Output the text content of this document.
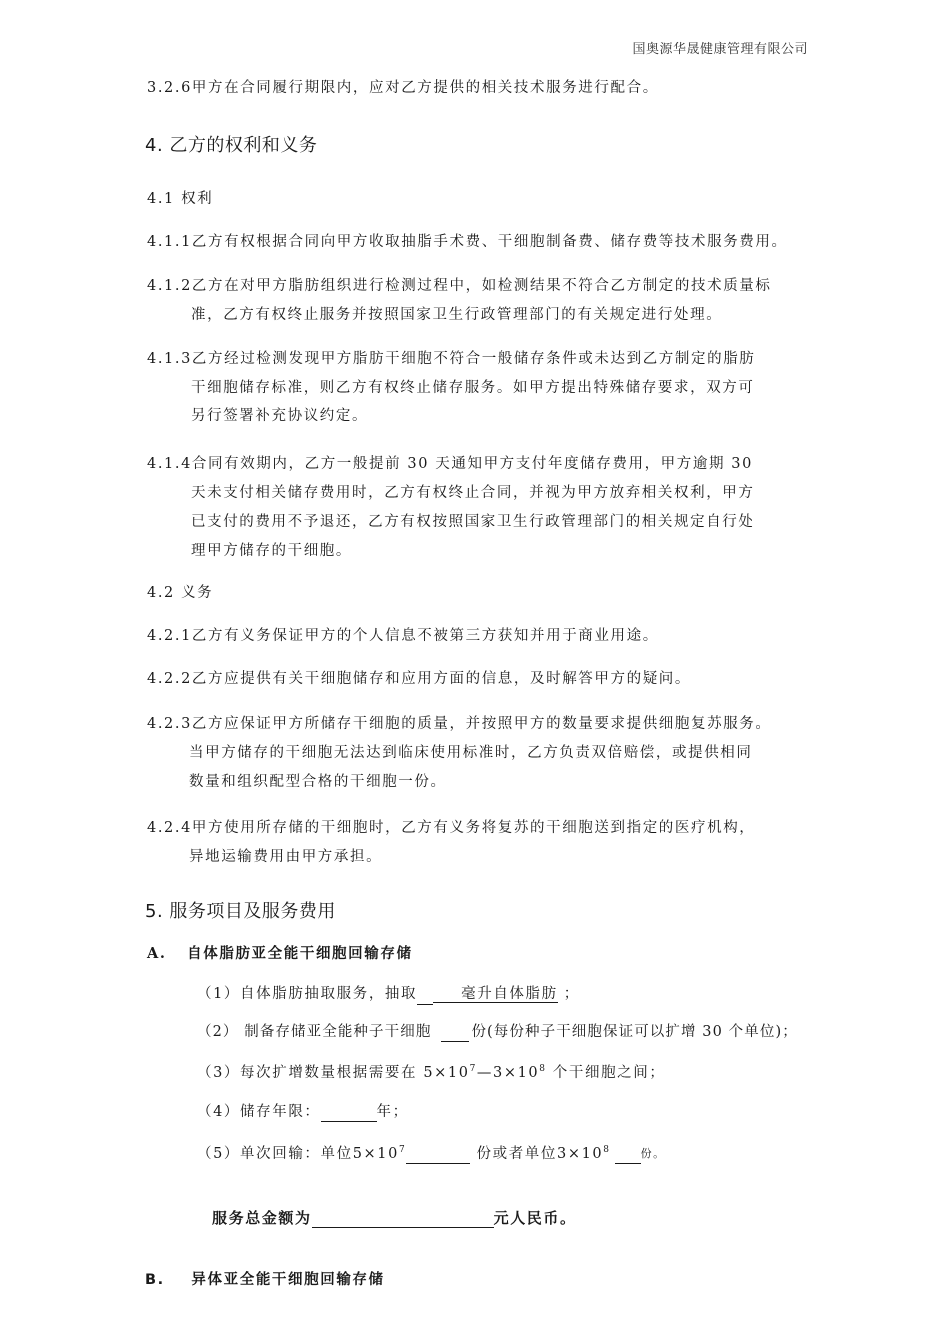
国奥源华晟健康管理有限公司
3.2.6甲方在合同履行期限内，应对乙方提供的相关技术服务进行配合。
4. 乙方的权利和义务
4.1 权利
4.1.1乙方有权根据合同向甲方收取抽脂手术费、干细胞制备费、储存费等技术服务费用。
4.1.2乙方在对甲方脂肪组织进行检测过程中，如检测结果不符合乙方制定的技术质量标
准，乙方有权终止服务并按照国家卫生行政管理部门的有关规定进行处理。
4.1.3乙方经过检测发现甲方脂肪干细胞不符合一般储存条件或未达到乙方制定的脂肪
干细胞储存标准，则乙方有权终止储存服务。如甲方提出特殊储存要求，双方可
另行签署补充协议约定。
4.1.4合同有效期内，乙方一般提前 30 天通知甲方支付年度储存费用，甲方逾期 30
天未支付相关储存费用时，乙方有权终止合同，并视为甲方放弃相关权利，甲方
已支付的费用不予退还，乙方有权按照国家卫生行政管理部门的相关规定自行处
理甲方储存的干细胞。
4.2 义务
4.2.1乙方有义务保证甲方的个人信息不被第三方获知并用于商业用途。
4.2.2乙方应提供有关干细胞储存和应用方面的信息，及时解答甲方的疑问。
4.2.3乙方应保证甲方所储存干细胞的质量，并按照甲方的数量要求提供细胞复苏服务。
当甲方储存的干细胞无法达到临床使用标准时，乙方负责双倍赔偿，或提供相同
数量和组织配型合格的干细胞一份。
4.2.4甲方使用所存储的干细胞时，乙方有义务将复苏的干细胞送到指定的医疗机构，
异地运输费用由甲方承担。
5. 服务项目及服务费用
A. 自体脂肪亚全能干细胞回输存储
（1）自体脂肪抽取服务，抽取	毫升自体脂肪 ；
（2） 制备存储亚全能种子干细胞	份(每份种子干细胞保证可以扩增 30 个单位)；
（3）每次扩增数量根据需要在 $5\times 10^7—3\times 10^8$ 个干细胞之间；
（4）储存年限：	年；
（5）单次回输：单位$5\times 10^7$	份或者单位$3\times 10^8$	$^{份。}$
服务总金额为	元人民币。
B. 异体亚全能干细胞回输存储
